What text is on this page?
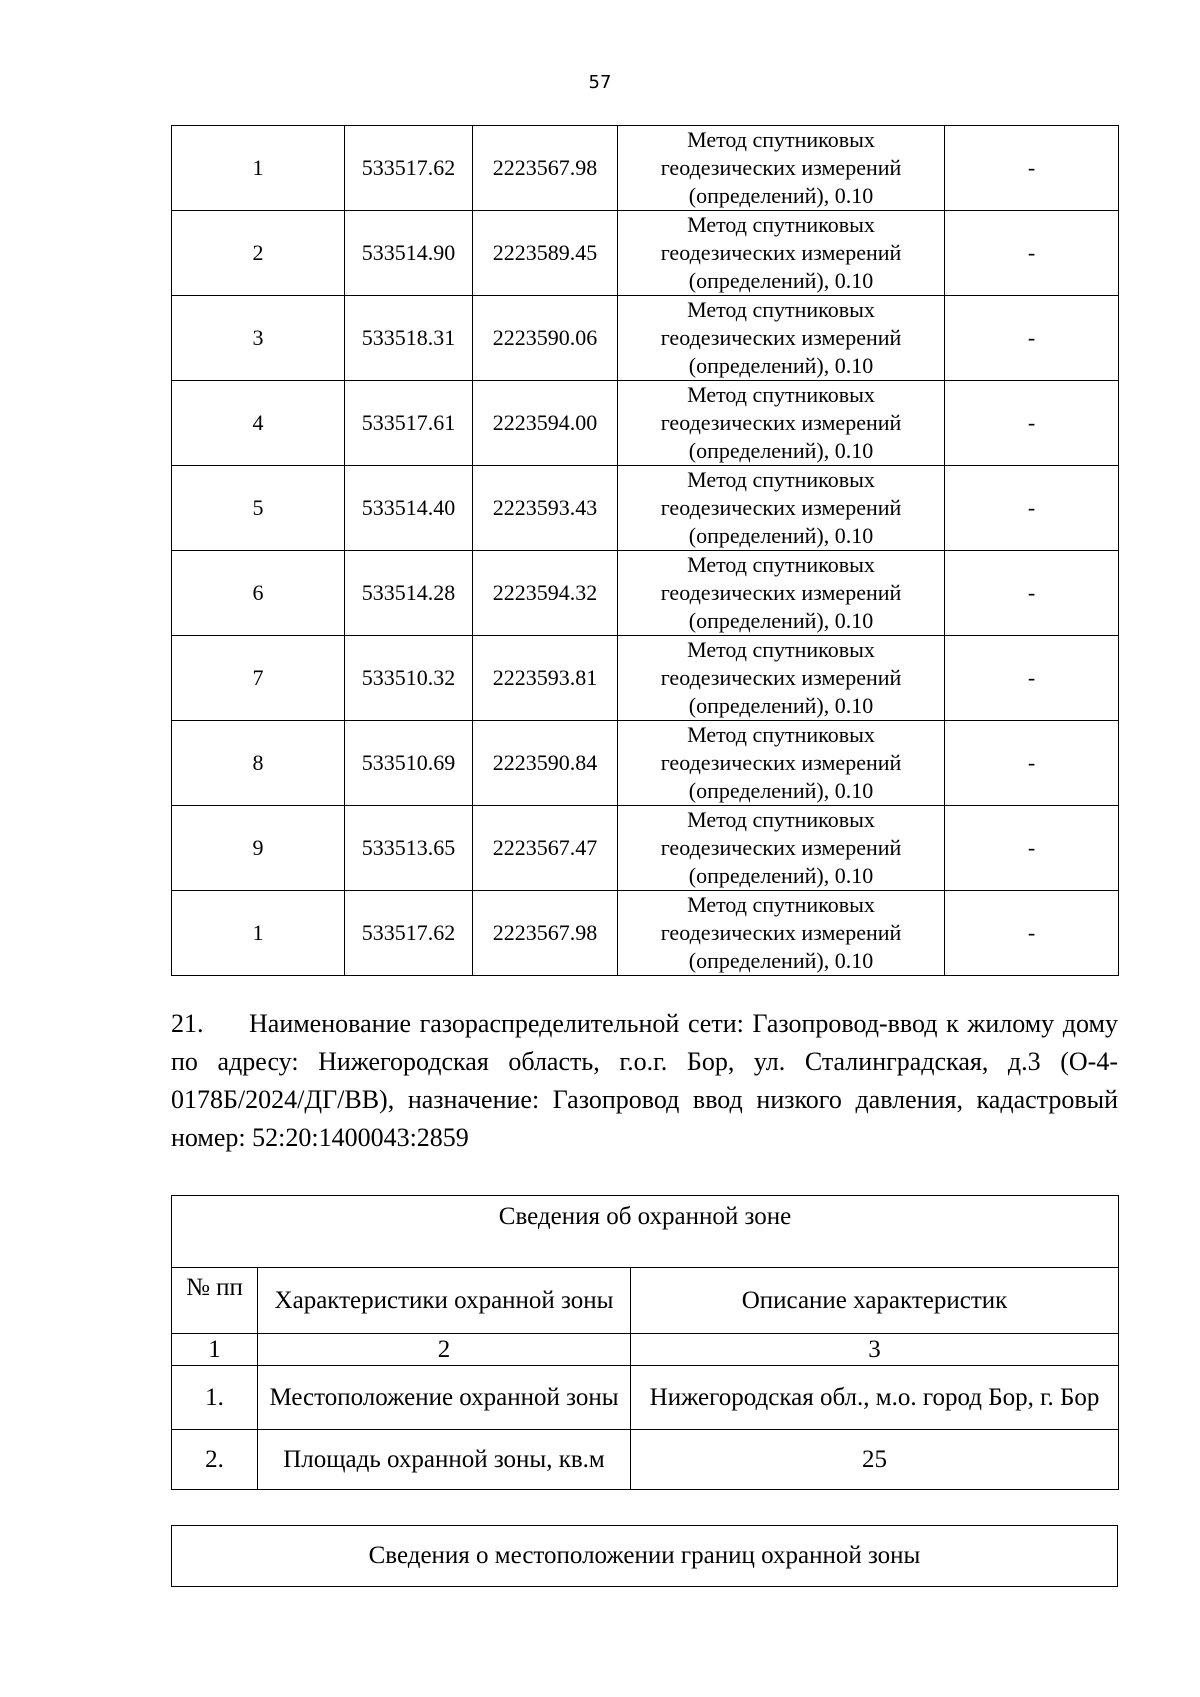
57
1	533517.62	2223567.98	Метод спутниковых
геодезических измерений
(определений), 0.10	-
2	533514.90	2223589.45	Метод спутниковых
геодезических измерений
(определений), 0.10	-
3	533518.31	2223590.06	Метод спутниковых
геодезических измерений
(определений), 0.10	-
4	533517.61	2223594.00	Метод спутниковых
геодезических измерений
(определений), 0.10	-
5	533514.40	2223593.43	Метод спутниковых
геодезических измерений
(определений), 0.10	-
6	533514.28	2223594.32	Метод спутниковых
геодезических измерений
(определений), 0.10	-
7	533510.32	2223593.81	Метод спутниковых
геодезических измерений
(определений), 0.10	-
8	533510.69	2223590.84	Метод спутниковых
геодезических измерений
(определений), 0.10	-
9	533513.65	2223567.47	Метод спутниковых
геодезических измерений
(определений), 0.10	-
1	533517.62	2223567.98	Метод спутниковых
геодезических измерений
(определений), 0.10	-

21. Наименование газораспределительной сети: Газопровод-ввод к жилому дому по адресу: Нижегородская область, г.о.г. Бор, ул. Сталинградская, д.3 (О-4-0178Б/2024/ДГ/ВВ), назначение: Газопровод ввод низкого давления, кадастровый номер: 52:20:1400043:2859

Сведения об охранной зоне		
№ пп	Характеристики охранной зоны	Описание характеристик
1	2	3
1.	Местоположение охранной зоны	Нижегородская обл., м.о. город Бор, г. Бор
2.	Площадь охранной зоны, кв.м	25
Сведения о местоположении границ охранной зоны
